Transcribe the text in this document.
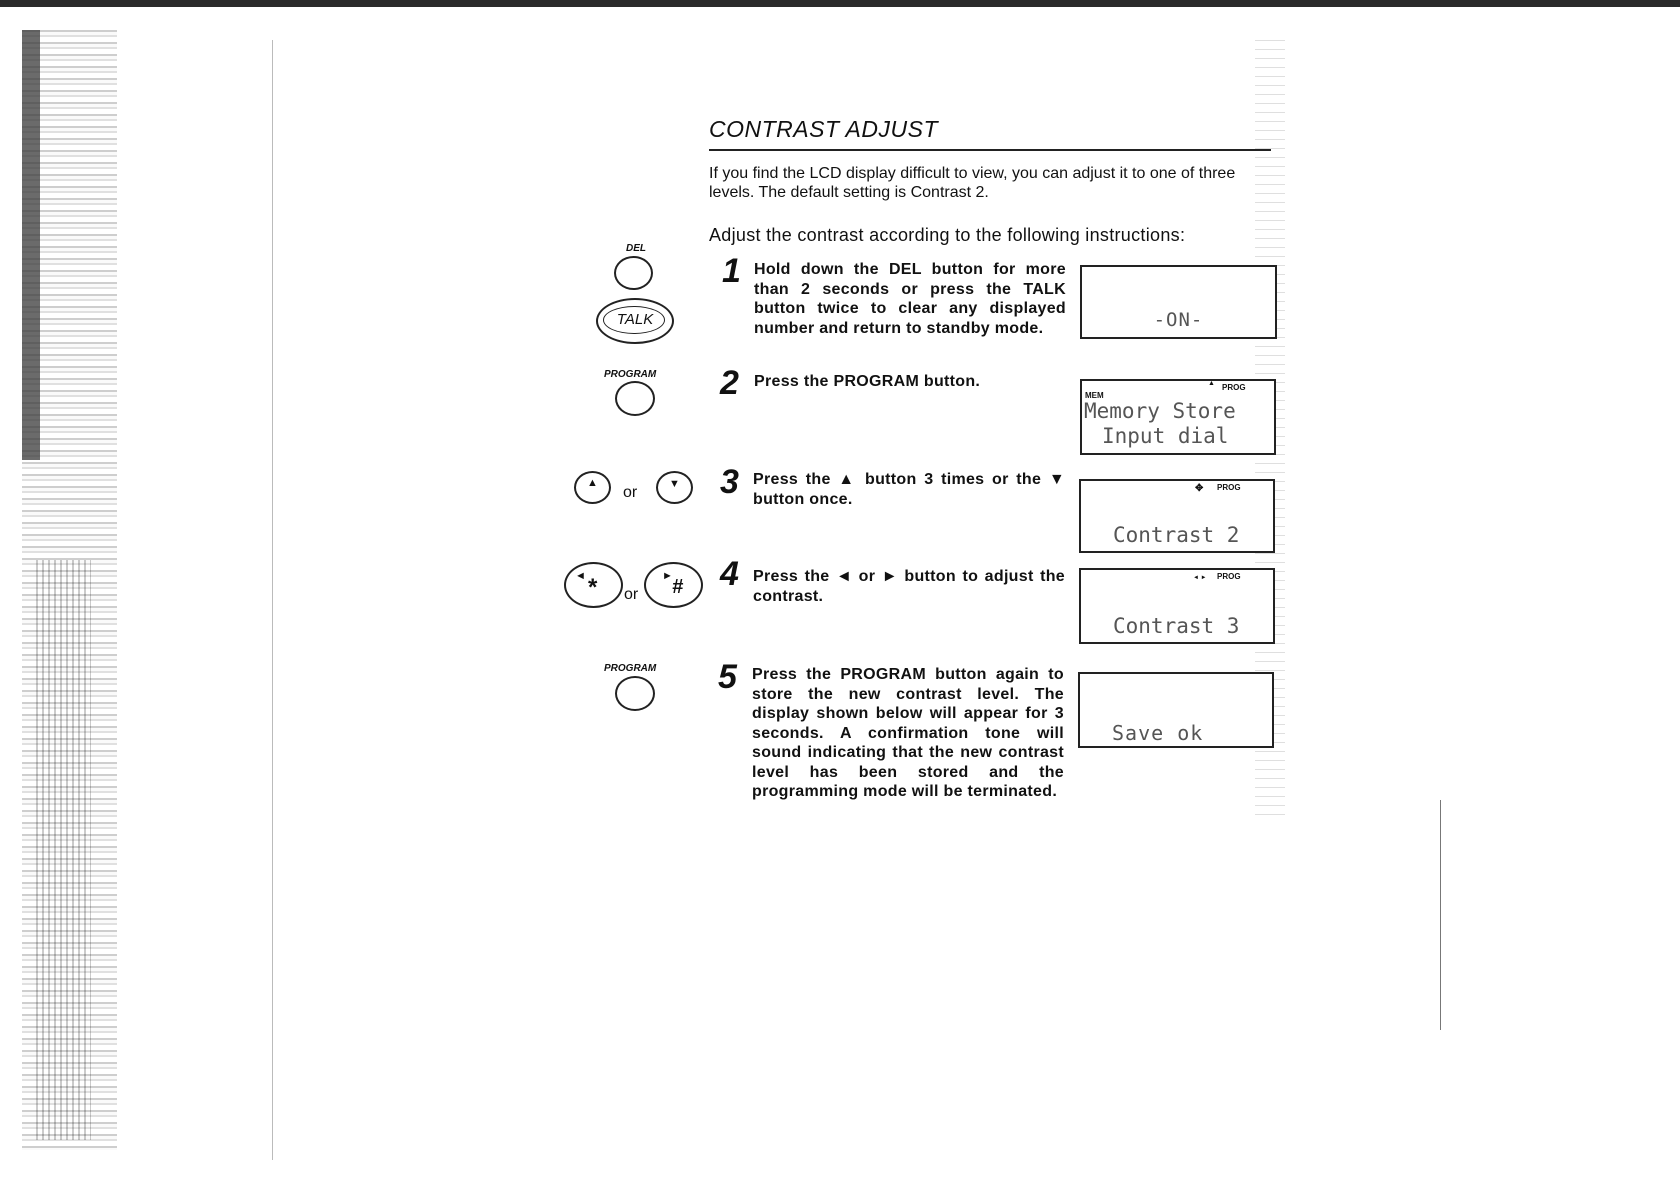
CONTRAST ADJUST
If you find the LCD display difficult to view, you can adjust it to one of three levels. The default setting is Contrast 2.
Adjust the contrast according to the following instructions:
DEL
TALK
PROGRAM
▲
or	▼
◄ * or
► #
PROGRAM
1 Hold down the DEL button for more than 2 seconds or press the TALK button twice to clear any displayed number and return to standby mode.	-ON-
2 Press the PROGRAM button.
MEM
▲ PROG
Memory Store
Input dial
3 Press the ▲ button 3 times or the ▼ button once.
✥ PROG
Contrast 2
4 Press the ◄ or ► button to adjust the contrast.
◄ ► PROG
Contrast 3
5 Press the PROGRAM button again to store the new contrast level. The display shown below will appear for 3 seconds. A confirmation tone will sound indicating that the new contrast level has been stored and the programming mode will be terminated.
Save ok
